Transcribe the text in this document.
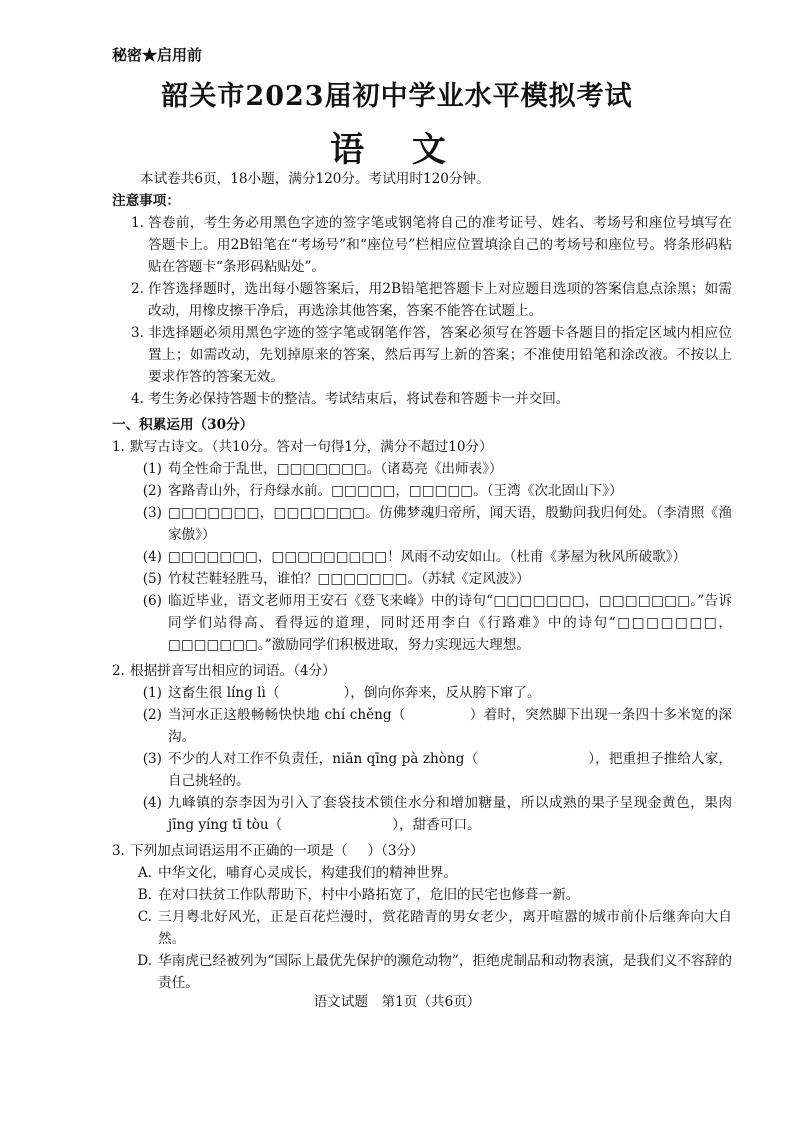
秘密★启用前
韶关市2023届初中学业水平模拟考试
语 文
本试卷共6页，18小题，满分120分。考试用时120分钟。
注意事项：
1. 答卷前，考生务必用黑色字迹的签字笔或钢笔将自己的准考证号、姓名、考场号和座位号填写在答题卡上。用2B铅笔在“考场号”和“座位号”栏相应位置填涂自己的考场号和座位号。将条形码粘贴在答题卡“条形码粘贴处”。
2. 作答选择题时，选出每小题答案后，用2B铅笔把答题卡上对应题目选项的答案信息点涂黑；如需改动，用橡皮擦干净后，再选涂其他答案，答案不能答在试题上。
3. 非选择题必须用黑色字迹的签字笔或钢笔作答，答案必须写在答题卡各题目的指定区域内相应位置上；如需改动，先划掉原来的答案，然后再写上新的答案；不准使用铅笔和涂改液。不按以上要求作答的答案无效。
4. 考生务必保持答题卡的整洁。考试结束后，将试卷和答题卡一并交回。
一、积累运用（30分）
1. 默写古诗文。（共10分。答对一句得1分，满分不超过10分）
(1) 苟全性命于乱世，□□□□□□□。（诸葛亮《出师表》）
(2) 客路青山外，行舟绿水前。□□□□□，□□□□□。（王湾《次北固山下》）
(3) □□□□□□□，□□□□□□□。仿佛梦魂归帝所，闻天语，殷勤问我归何处。（李清照《渔家傲》）
(4) □□□□□□□，□□□□□□□□□！风雨不动安如山。（杜甫《茅屋为秋风所破歌》）
(5) 竹杖芒鞋轻胜马，谁怕？□□□□□□□。（苏轼《定风波》）
(6) 临近毕业，语文老师用王安石《登飞来峰》中的诗句“□□□□□□□，□□□□□□□。”告诉同学们站得高、看得远的道理，同时还用李白《行路难》中的诗句“□□□□□□□，□□□□□□□。”激励同学们积极进取，努力实现远大理想。
2. 根据拼音写出相应的词语。（4分）
(1) 这畜生很 líng lì（	），倒向你奔来，反从胯下窜了。
(2) 当河水正这般畅畅快快地 chí chěng（	）着时，突然脚下出现一条四十多米宽的深沟。
(3) 不少的人对工作不负责任，niān qīng pà zhòng（	），把重担子推给人家，自己挑轻的。
(4) 九峰镇的奈李因为引入了套袋技术锁住水分和增加糖量，所以成熟的果子呈现金黄色，果肉 jīng yíng tī tòu（	），甜香可口。
3. 下列加点词语运用不正确的一项是（ ）（3分）
A. 中华文化，哺育心灵成长，构建我们的精神世界。
B. 在对口扶贫工作队帮助下，村中小路拓宽了，危旧的民宅也修葺一新。
C. 三月粤北好风光，正是百花烂漫时，赏花踏青的男女老少，离开喧嚣的城市前仆后继奔向大自然。
D. 华南虎已经被列为“国际上最优先保护的濒危动物”，拒绝虎制品和动物表演，是我们义不容辞的责任。
语文试题　第1页（共6页）
